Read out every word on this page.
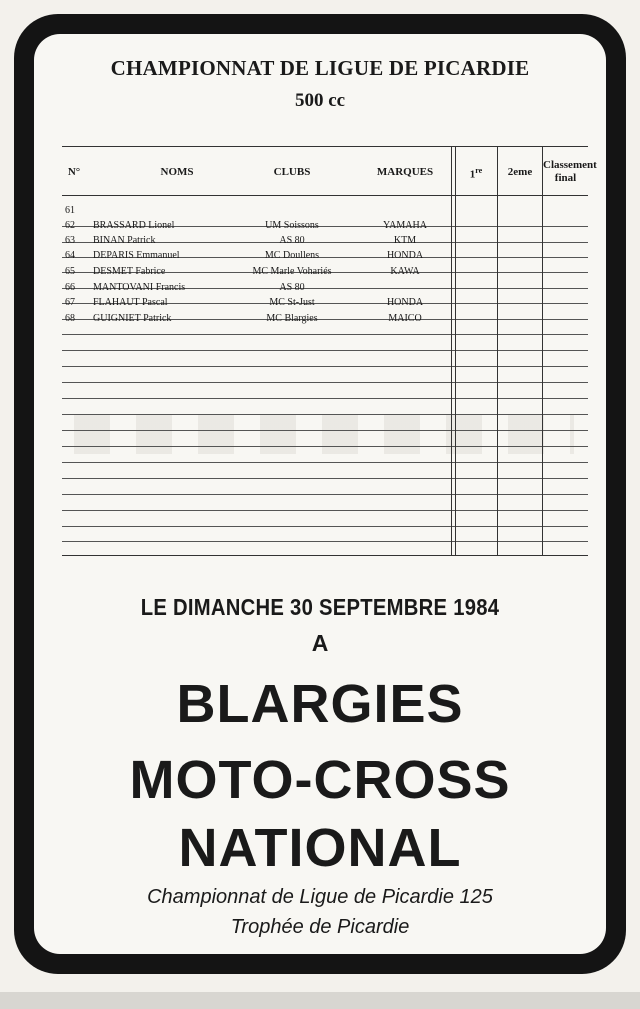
CHAMPIONNAT DE LIGUE DE PICARDIE
500 cc
N°	NOMS	CLUBS	MARQUES	1re	2eme
Classement
final
61
62 BRASSARD Lionel	UM Soissons	YAMAHA
63 BINAN Patrick	AS 80	KTM
64 DEPARIS Emmanuel	MC Doullens	HONDA
65 DESMET Fabrice	MC Marle Vohariés	KAWA
66 MANTOVANI Francis	AS 80
67 FLAHAUT Pascal	MC St-Just	HONDA
68 GUIGNIET Patrick	MC Blargies	MAICO
LE DIMANCHE 30 SEPTEMBRE 1984
A
BLARGIES
MOTO-CROSS
NATIONAL
Championnat de Ligue de Picardie 125
Trophée de Picardie
